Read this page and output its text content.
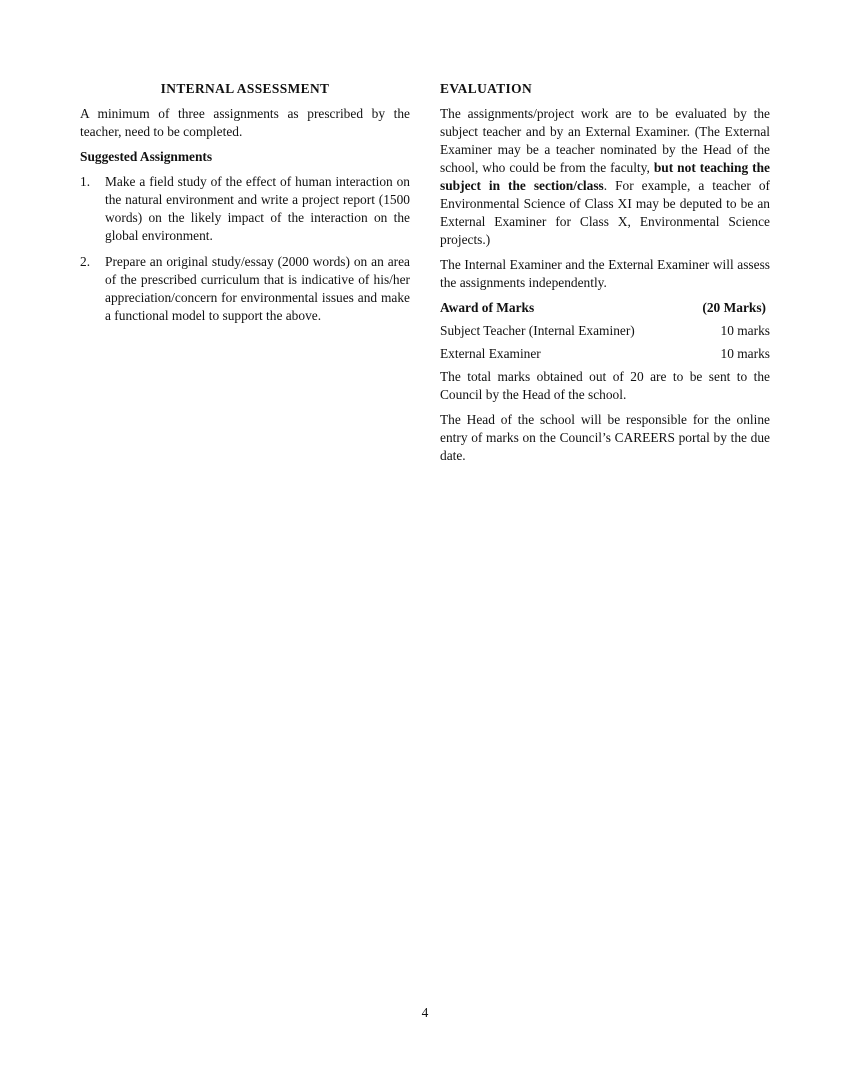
INTERNAL ASSESSMENT

A minimum of three assignments as prescribed by the teacher, need to be completed.

Suggested Assignments
1.	Make a field study of the effect of human interaction on the natural environment and write a project report (1500 words) on the likely impact of the interaction on the global environment.
2.	Prepare an original study/essay (2000 words) on an area of the prescribed curriculum that is indicative of his/her appreciation/concern for environmental issues and make a functional model to support the above.
EVALUATION

The assignments/project work are to be evaluated by the subject teacher and by an External Examiner. (The External Examiner may be a teacher nominated by the Head of the school, who could be from the faculty, but not teaching the subject in the section/class. For example, a teacher of Environmental Science of Class XI may be deputed to be an External Examiner for Class X, Environmental Science projects.)

The Internal Examiner and the External Examiner will assess the assignments independently.

Award of Marks	(20 Marks)
Subject Teacher (Internal Examiner)	10 marks
External Examiner	10 marks

The total marks obtained out of 20 are to be sent to the Council by the Head of the school.

The Head of the school will be responsible for the online entry of marks on the Council’s CAREERS portal by the due date.

4
